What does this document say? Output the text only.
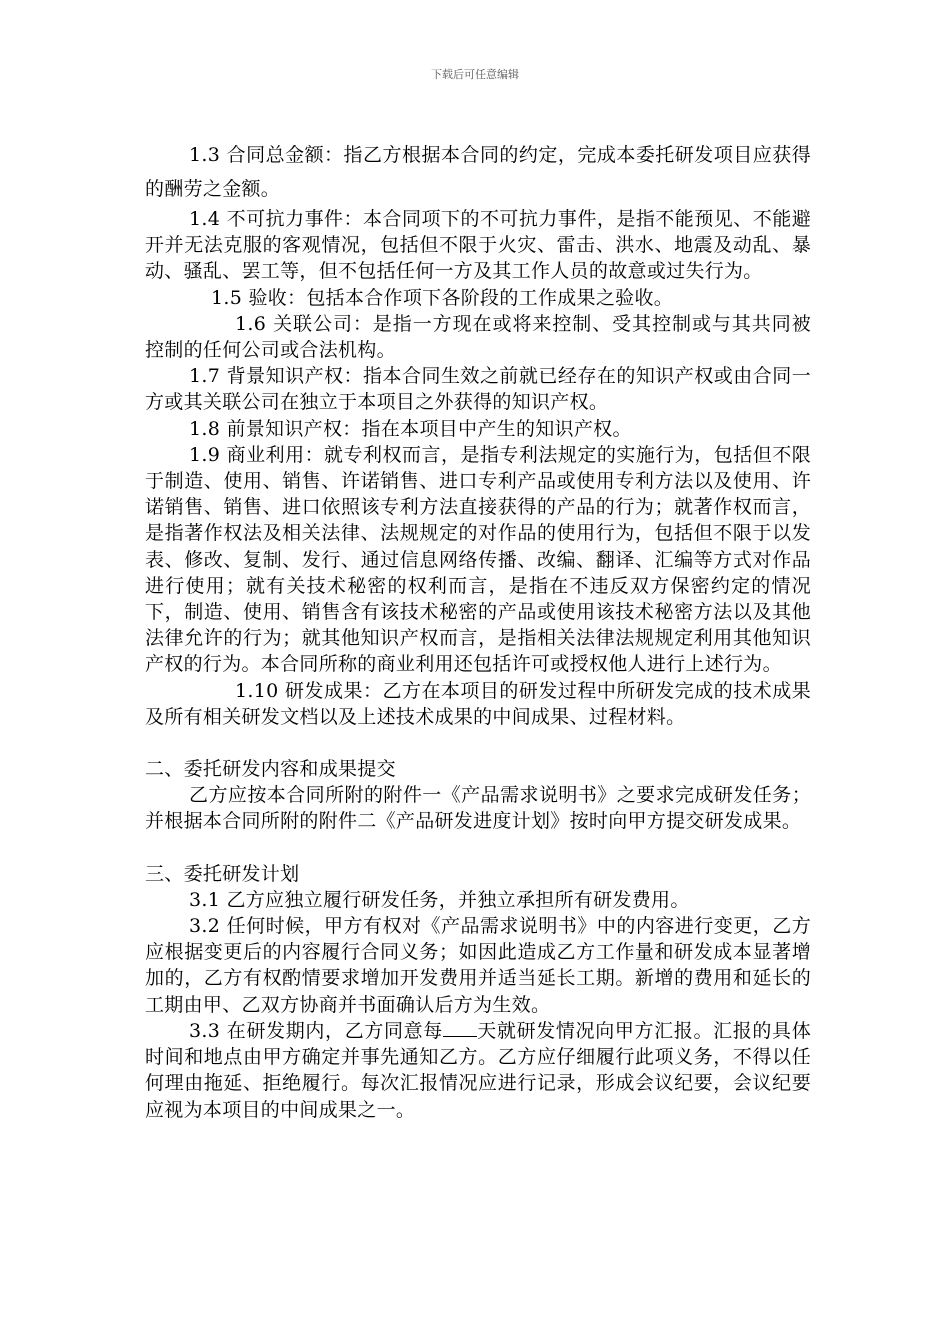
下载后可任意编辑

1.3 合同总金额：指乙方根据本合同的约定，完成本委托研发项目应获得的酬劳之金额。

1.4 不可抗力事件：本合同项下的不可抗力事件，是指不能预见、不能避开并无法克服的客观情况，包括但不限于火灾、雷击、洪水、地震及动乱、暴动、骚乱、罢工等，但不包括任何一方及其工作人员的故意或过失行为。

1.5 验收：包括本合作项下各阶段的工作成果之验收。

1.6 关联公司：是指一方现在或将来控制、受其控制或与其共同被控制的任何公司或合法机构。

1.7 背景知识产权：指本合同生效之前就已经存在的知识产权或由合同一方或其关联公司在独立于本项目之外获得的知识产权。

1.8 前景知识产权：指在本项目中产生的知识产权。

1.9 商业利用：就专利权而言，是指专利法规定的实施行为，包括但不限于制造、使用、销售、许诺销售、进口专利产品或使用专利方法以及使用、许诺销售、销售、进口依照该专利方法直接获得的产品的行为；就著作权而言，是指著作权法及相关法律、法规规定的对作品的使用行为，包括但不限于以发表、修改、复制、发行、通过信息网络传播、改编、翻译、汇编等方式对作品进行使用；就有关技术秘密的权利而言，是指在不违反双方保密约定的情况下，制造、使用、销售含有该技术秘密的产品或使用该技术秘密方法以及其他法律允许的行为；就其他知识产权而言，是指相关法律法规规定利用其他知识产权的行为。本合同所称的商业利用还包括许可或授权他人进行上述行为。

1.10 研发成果：乙方在本项目的研发过程中所研发完成的技术成果及所有相关研发文档以及上述技术成果的中间成果、过程材料。

二、委托研发内容和成果提交

乙方应按本合同所附的附件一《产品需求说明书》之要求完成研发任务；并根据本合同所附的附件二《产品研发进度计划》按时向甲方提交研发成果。

三、委托研发计划

3.1 乙方应独立履行研发任务，并独立承担所有研发费用。

3.2 任何时候，甲方有权对《产品需求说明书》中的内容进行变更，乙方应根据变更后的内容履行合同义务；如因此造成乙方工作量和研发成本显著增加的，乙方有权酌情要求增加开发费用并适当延长工期。新增的费用和延长的工期由甲、乙双方协商并书面确认后方为生效。

3.3 在研发期内，乙方同意每 天就研发情况向甲方汇报。汇报的具体时间和地点由甲方确定并事先通知乙方。乙方应仔细履行此项义务，不得以任何理由拖延、拒绝履行。每次汇报情况应进行记录，形成会议纪要，会议纪要应视为本项目的中间成果之一。
